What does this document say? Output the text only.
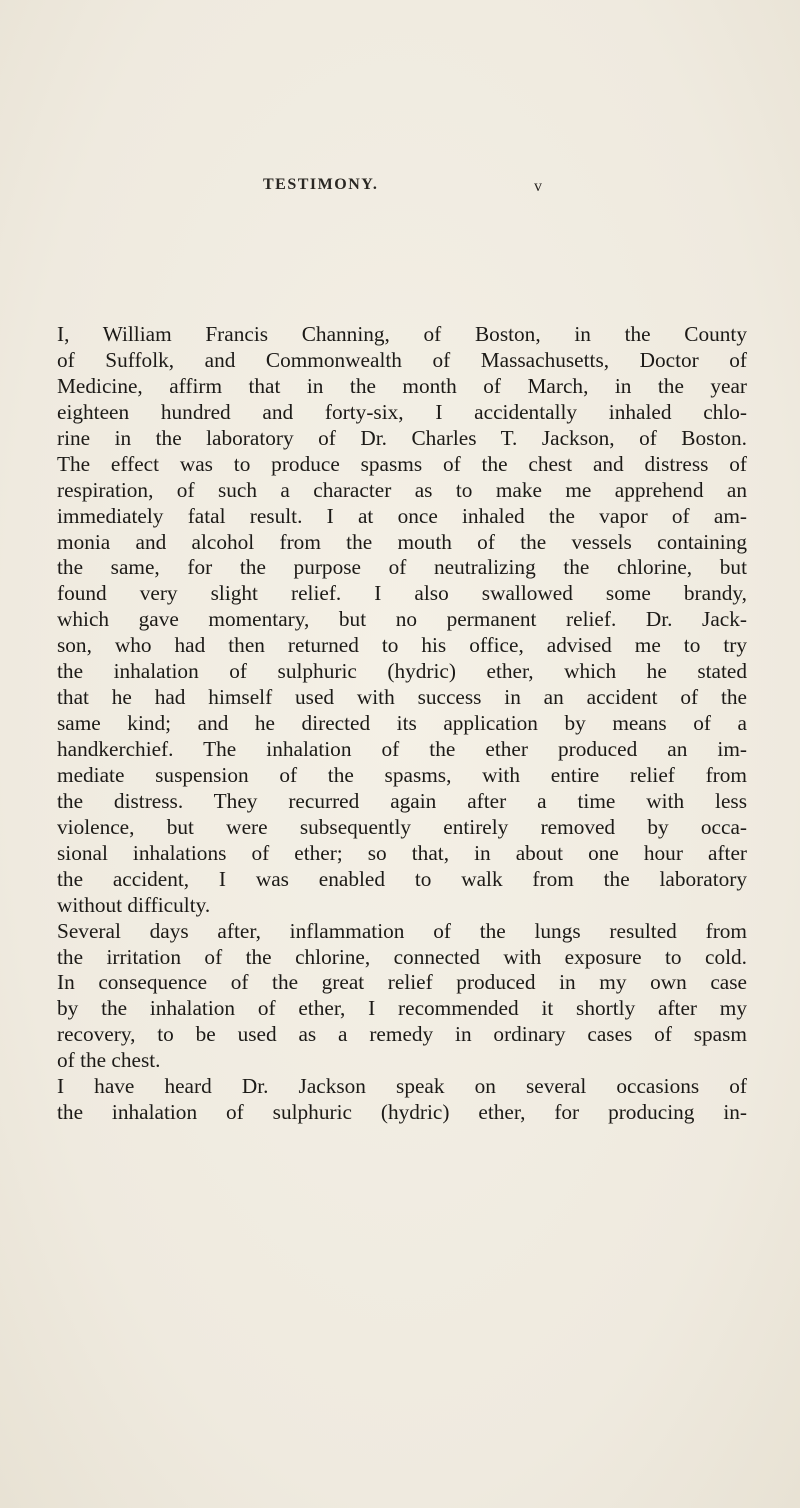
TESTIMONY.	v
I, William Francis Channing, of Boston, in the County
of Suffolk, and Commonwealth of Massachusetts, Doctor of
Medicine, affirm that in the month of March, in the year
eighteen hundred and forty-six, I accidentally inhaled chlo-
rine in the laboratory of Dr. Charles T. Jackson, of Boston.
The effect was to produce spasms of the chest and distress of
respiration, of such a character as to make me apprehend an
immediately fatal result. I at once inhaled the vapor of am-
monia and alcohol from the mouth of the vessels containing
the same, for the purpose of neutralizing the chlorine, but
found very slight relief. I also swallowed some brandy,
which gave momentary, but no permanent relief. Dr. Jack-
son, who had then returned to his office, advised me to try
the inhalation of sulphuric (hydric) ether, which he stated
that he had himself used with success in an accident of the
same kind; and he directed its application by means of a
handkerchief. The inhalation of the ether produced an im-
mediate suspension of the spasms, with entire relief from
the distress. They recurred again after a time with less
violence, but were subsequently entirely removed by occa-
sional inhalations of ether; so that, in about one hour after
the accident, I was enabled to walk from the laboratory
without difficulty.
Several days after, inflammation of the lungs resulted from
the irritation of the chlorine, connected with exposure to cold.
In consequence of the great relief produced in my own case
by the inhalation of ether, I recommended it shortly after my
recovery, to be used as a remedy in ordinary cases of spasm
of the chest.
I have heard Dr. Jackson speak on several occasions of
the inhalation of sulphuric (hydric) ether, for producing in-
